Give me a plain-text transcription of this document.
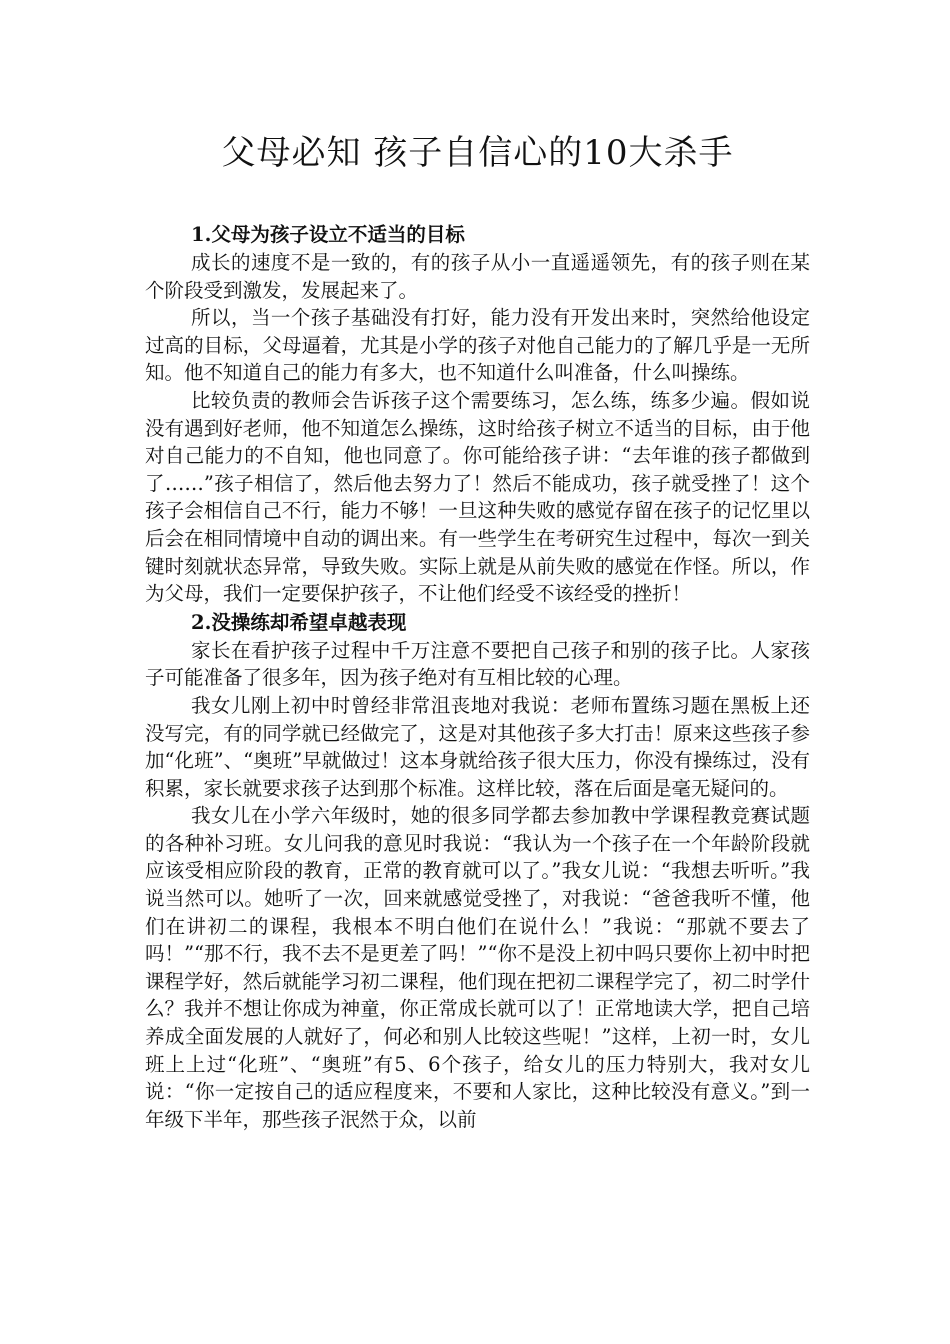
父母必知 孩子自信心的10大杀手
1.父母为孩子设立不适当的目标

成长的速度不是一致的，有的孩子从小一直遥遥领先，有的孩子则在某个阶段受到激发，发展起来了。

所以，当一个孩子基础没有打好，能力没有开发出来时，突然给他设定过高的目标，父母逼着，尤其是小学的孩子对他自己能力的了解几乎是一无所知。他不知道自己的能力有多大，也不知道什么叫准备，什么叫操练。

比较负责的教师会告诉孩子这个需要练习，怎么练，练多少遍。假如说没有遇到好老师，他不知道怎么操练，这时给孩子树立不适当的目标，由于他对自己能力的不自知，他也同意了。你可能给孩子讲：“去年谁的孩子都做到了……”孩子相信了，然后他去努力了！然后不能成功，孩子就受挫了！这个孩子会相信自己不行，能力不够！一旦这种失败的感觉存留在孩子的记忆里以后会在相同情境中自动的调出来。有一些学生在考研究生过程中，每次一到关键时刻就状态异常，导致失败。实际上就是从前失败的感觉在作怪。所以，作为父母，我们一定要保护孩子，不让他们经受不该经受的挫折！

2.没操练却希望卓越表现

家长在看护孩子过程中千万注意不要把自己孩子和别的孩子比。人家孩子可能准备了很多年，因为孩子绝对有互相比较的心理。

我女儿刚上初中时曾经非常沮丧地对我说：老师布置练习题在黑板上还没写完，有的同学就已经做完了，这是对其他孩子多大打击！原来这些孩子参加“化班”、“奥班”早就做过！这本身就给孩子很大压力，你没有操练过，没有积累，家长就要求孩子达到那个标准。这样比较，落在后面是毫无疑问的。

我女儿在小学六年级时，她的很多同学都去参加教中学课程教竞赛试题的各种补习班。女儿问我的意见时我说：“我认为一个孩子在一个年龄阶段就应该受相应阶段的教育，正常的教育就可以了。”我女儿说：“我想去听听。”我说当然可以。她听了一次，回来就感觉受挫了，对我说：“爸爸我听不懂，他们在讲初二的课程，我根本不明白他们在说什么！”我说：“那就不要去了吗！”“那不行，我不去不是更差了吗！”“你不是没上初中吗只要你上初中时把课程学好，然后就能学习初二课程，他们现在把初二课程学完了，初二时学什么？我并不想让你成为神童，你正常成长就可以了！正常地读大学，把自己培养成全面发展的人就好了，何必和别人比较这些呢！”这样，上初一时，女儿班上上过“化班”、“奥班”有5、6个孩子，给女儿的压力特别大，我对女儿说：“你一定按自己的适应程度来，不要和人家比，这种比较没有意义。”到一年级下半年，那些孩子泯然于众，以前
